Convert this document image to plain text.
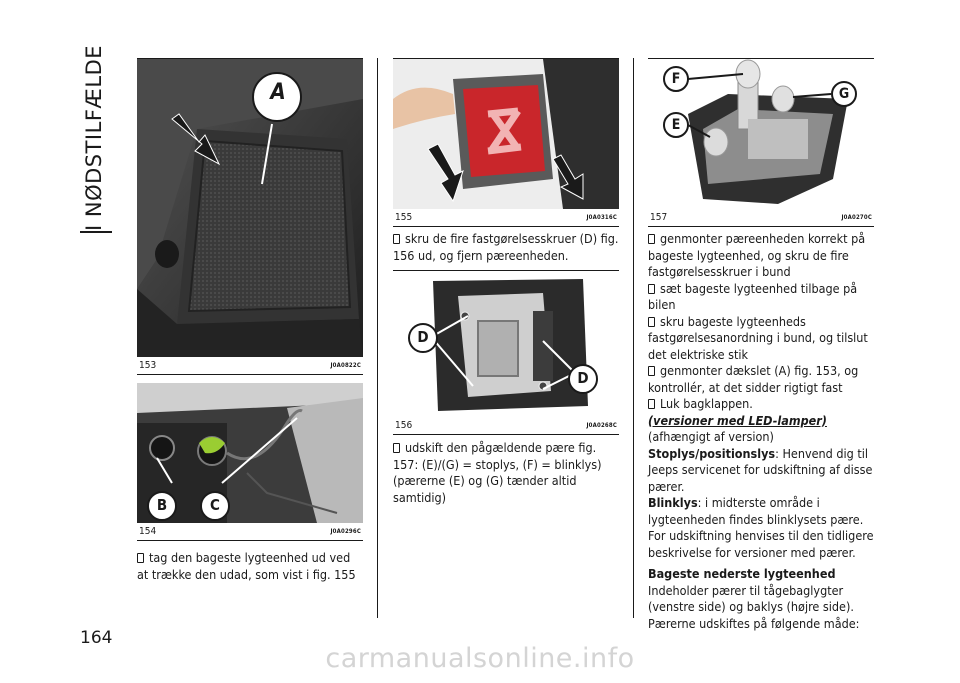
I NØDSTILFÆLDE
164
A
153	J0A0822C
B	C
154	J0A0296C

tag den bageste lygteenhed ud ved at trække den udad, som vist i fig. 155

155	J0A0316C

skru de fire fastgørelsesskruer (D) fig. 156 ud, og fjern pæreenheden.

D
D
156	J0A0268C

udskift den pågældende pære fig. 157: (E)/(G) = stoplys, (F) = blinklys) (pærerne (E) og (G) tænder altid samtidig)

F
G
E
157	J0A0270C

genmonter pæreenheden korrekt på bageste lygteenhed, og skru de fire fastgørelsesskruer i bund

sæt bageste lygteenhed tilbage på bilen

skru bageste lygteenheds fastgørelsesanordning i bund, og tilslut det elektriske stik

genmonter dækslet (A) fig. 153, og kontrollér, at det sidder rigtigt fast

Luk bagklappen.

(versioner med LED-lamper)

(afhængigt af version)

Stoplys/positionslys: Henvend dig til Jeeps servicenet for udskiftning af disse pærer.

Blinklys: i midterste område i lygteenheden findes blinklysets pære. For udskiftning henvises til den tidligere beskrivelse for versioner med pærer.

Bageste nederste lygteenhed

Indeholder pærer til tågebaglygter (venstre side) og baklys (højre side).

Pærerne udskiftes på følgende måde:

carmanualsonline.info
